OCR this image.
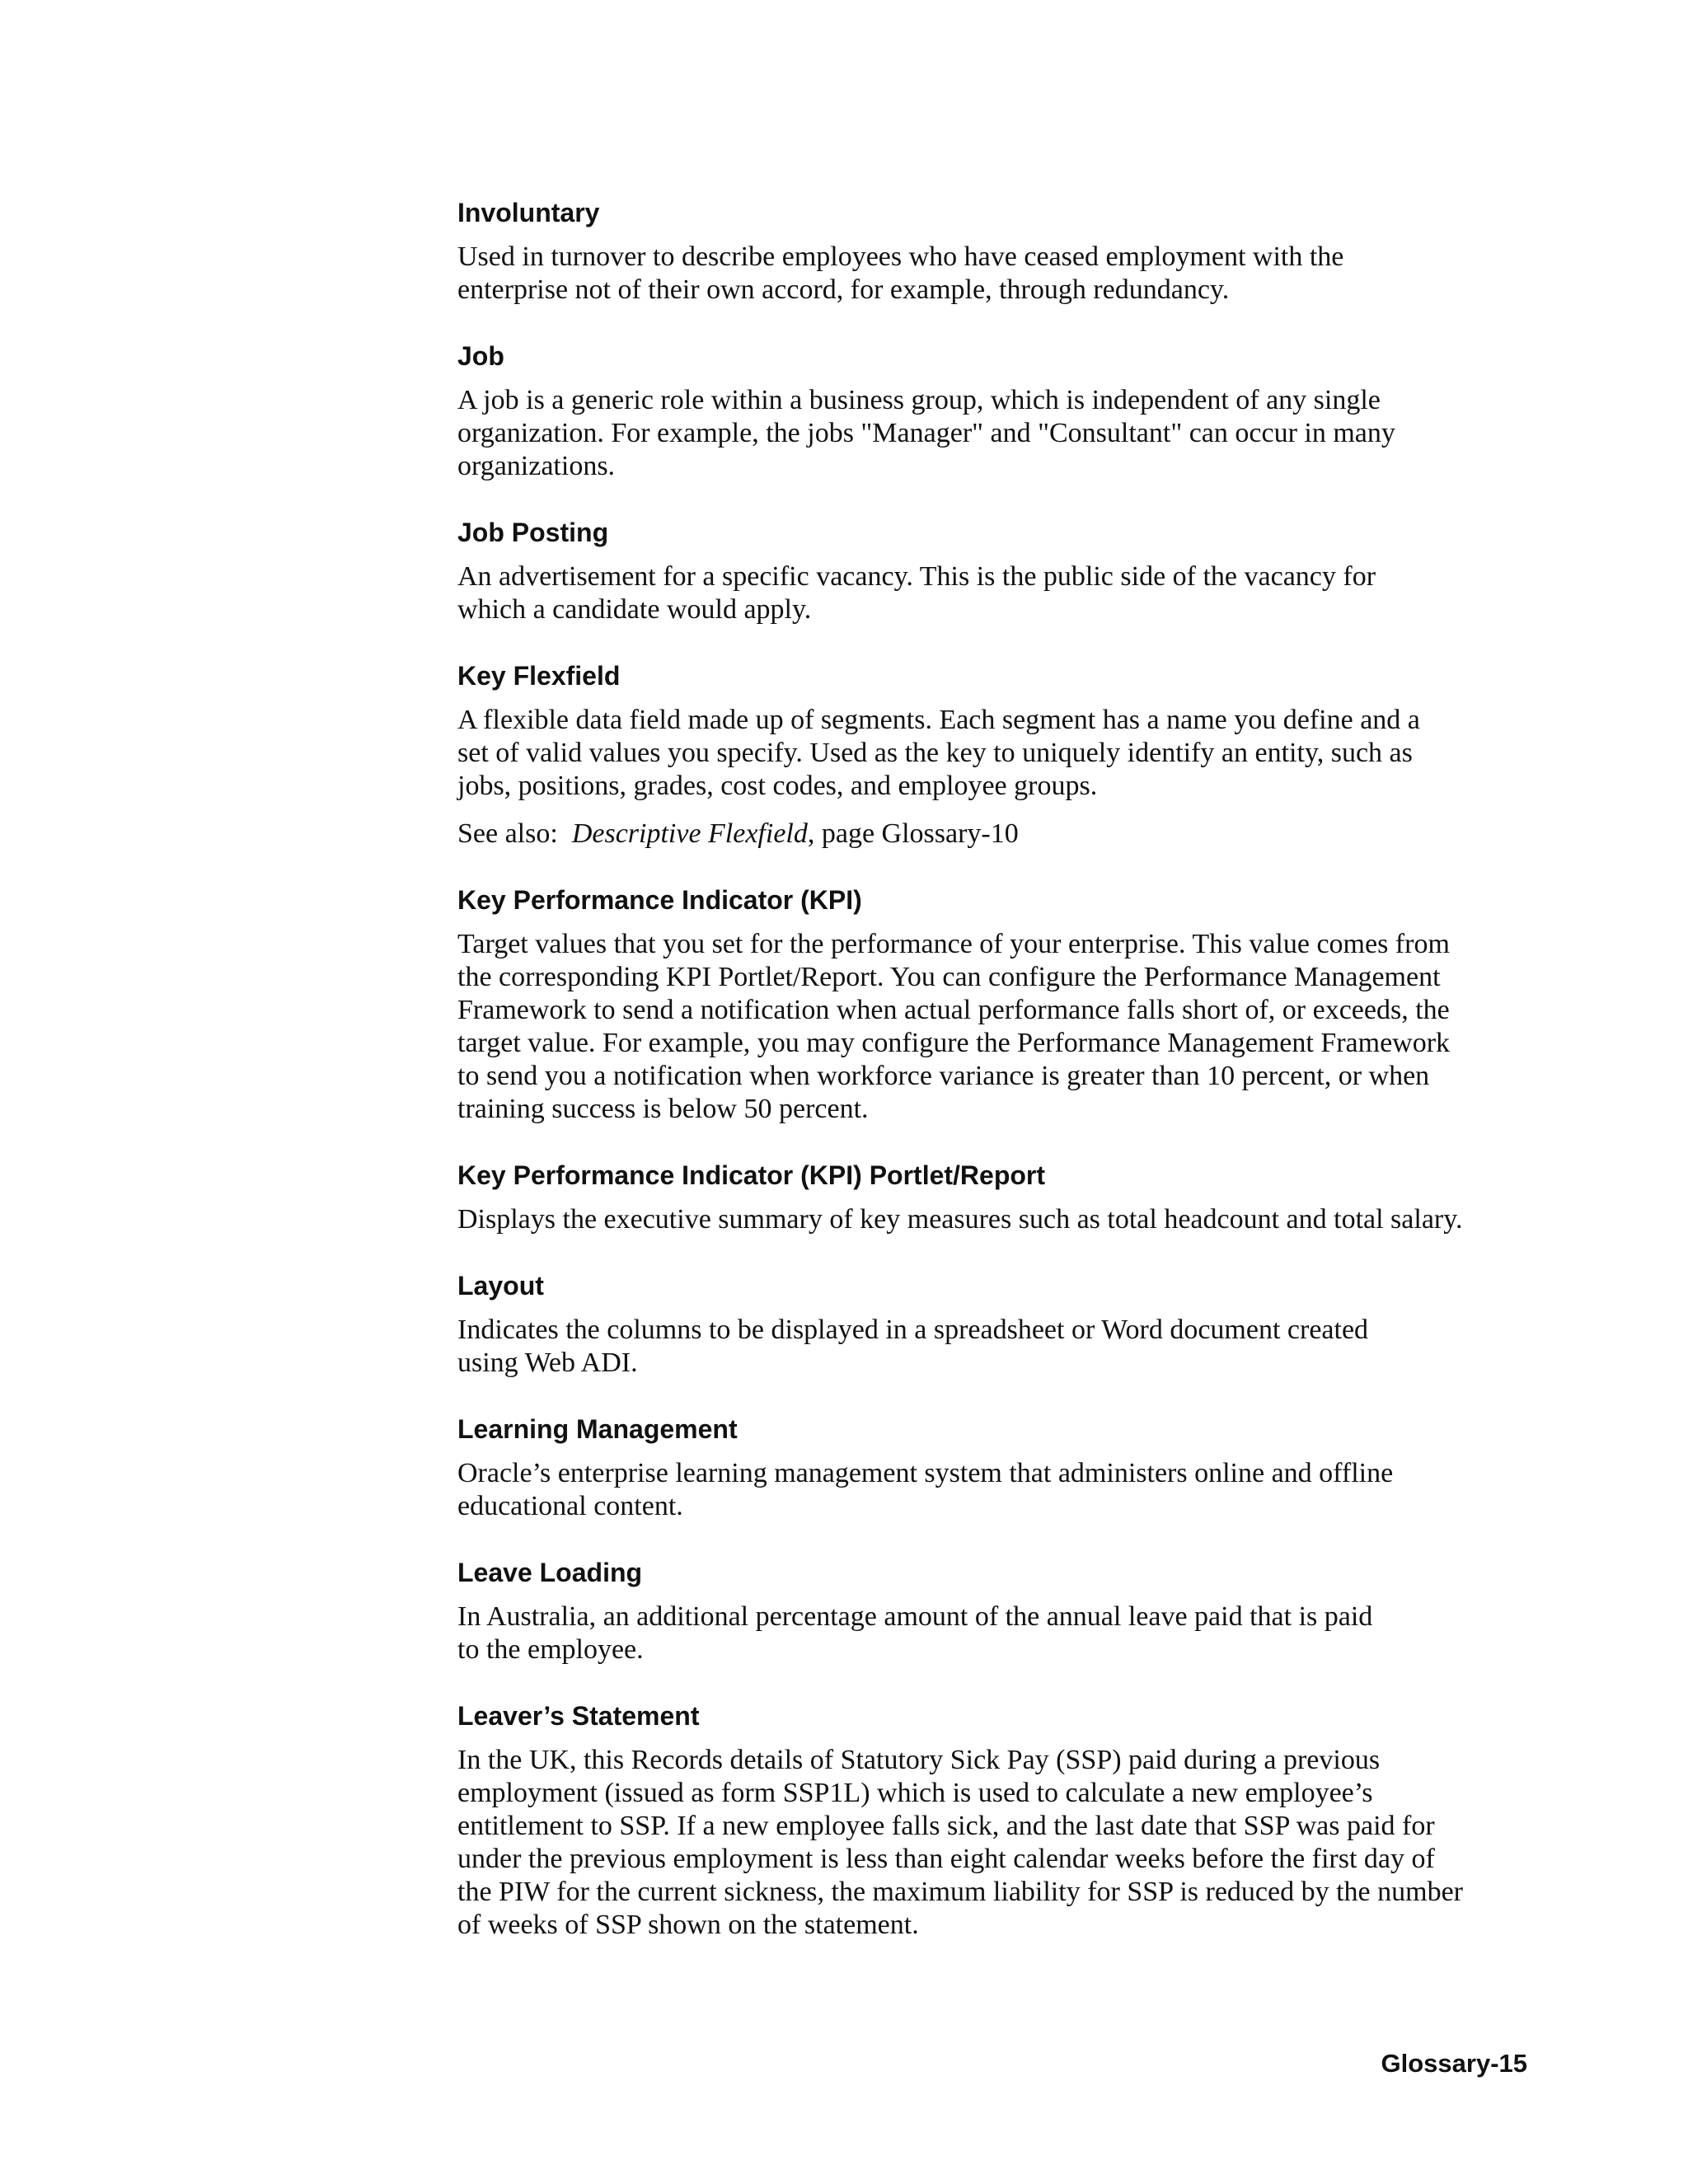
Involuntary
Used in turnover to describe employees who have ceased employment with the
enterprise not of their own accord, for example, through redundancy.
Job
A job is a generic role within a business group, which is independent of any single
organization. For example, the jobs "Manager" and "Consultant" can occur in many
organizations.
Job Posting
An advertisement for a specific vacancy. This is the public side of the vacancy for
which a candidate would apply.
Key Flexfield
A flexible data field made up of segments. Each segment has a name you define and a
set of valid values you specify. Used as the key to uniquely identify an entity, such as
jobs, positions, grades, cost codes, and employee groups.
See also:  Descriptive Flexfield, page Glossary-10
Key Performance Indicator (KPI)
Target values that you set for the performance of your enterprise. This value comes from
the corresponding KPI Portlet/Report. You can configure the Performance Management
Framework to send a notification when actual performance falls short of, or exceeds, the
target value. For example, you may configure the Performance Management Framework
to send you a notification when workforce variance is greater than 10 percent, or when
training success is below 50 percent.
Key Performance Indicator (KPI) Portlet/Report
Displays the executive summary of key measures such as total headcount and total salary.
Layout
Indicates the columns to be displayed in a spreadsheet or Word document created
using Web ADI.
Learning Management
Oracle’s enterprise learning management system that administers online and offline
educational content.
Leave Loading
In Australia, an additional percentage amount of the annual leave paid that is paid
to the employee.
Leaver’s Statement
In the UK, this Records details of Statutory Sick Pay (SSP) paid during a previous
employment (issued as form SSP1L) which is used to calculate a new employee’s
entitlement to SSP. If a new employee falls sick, and the last date that SSP was paid for
under the previous employment is less than eight calendar weeks before the first day of
the PIW for the current sickness, the maximum liability for SSP is reduced by the number
of weeks of SSP shown on the statement.
Glossary-15
